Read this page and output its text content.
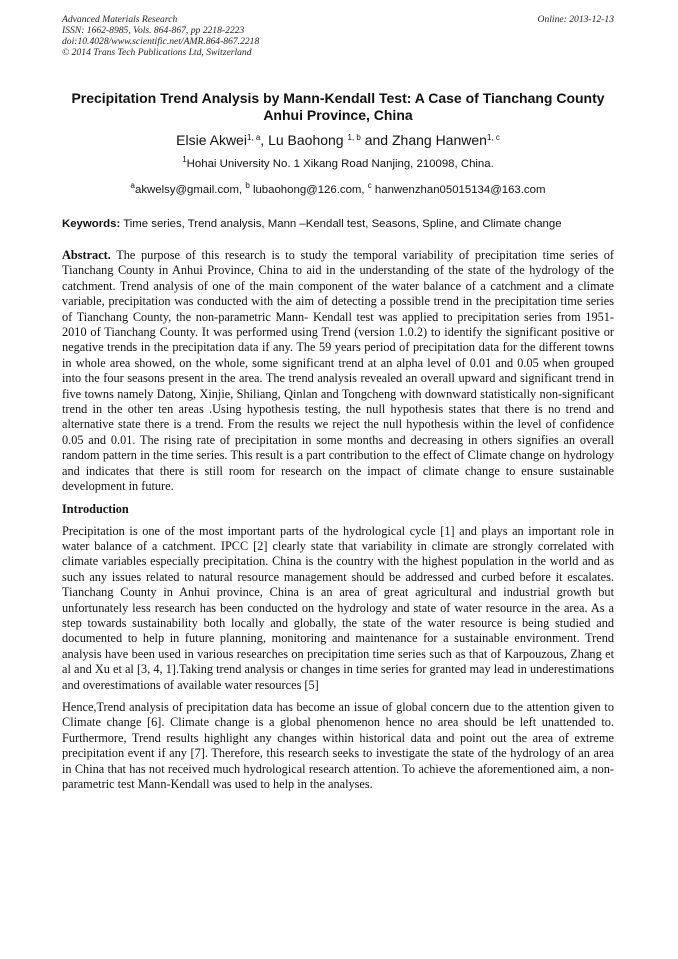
Advanced Materials Research
ISSN: 1662-8985, Vols. 864-867, pp 2218-2223
doi:10.4028/www.scientific.net/AMR.864-867.2218
© 2014 Trans Tech Publications Ltd, Switzerland
Online: 2013-12-13
Precipitation Trend Analysis by Mann-Kendall Test: A Case of Tianchang County Anhui Province, China
Elsie Akwei$^{1, a}$, Lu Baohong $^{1, b}$ and Zhang Hanwen$^{1, c}$
$^1$Hohai University No. 1 Xikang Road Nanjing, 210098, China.
$^a$akwelsy@gmail.com, $^b$ lubaohong@126.com, $^c$ hanwenzhan05015134@163.com
Keywords: Time series, Trend analysis, Mann –Kendall test, Seasons, Spline, and Climate change
Abstract. The purpose of this research is to study the temporal variability of precipitation time series of Tianchang County in Anhui Province, China to aid in the understanding of the state of the hydrology of the catchment. Trend analysis of one of the main component of the water balance of a catchment and a climate variable, precipitation was conducted with the aim of detecting a possible trend in the precipitation time series of Tianchang County, the non-parametric Mann- Kendall test was applied to precipitation series from 1951-2010 of Tianchang County. It was performed using Trend (version 1.0.2) to identify the significant positive or negative trends in the precipitation data if any. The 59 years period of precipitation data for the different towns in whole area showed, on the whole, some significant trend at an alpha level of 0.01 and 0.05 when grouped into the four seasons present in the area. The trend analysis revealed an overall upward and significant trend in five towns namely Datong, Xinjie, Shiliang, Qinlan and Tongcheng with downward statistically non-significant trend in the other ten areas .Using hypothesis testing, the null hypothesis states that there is no trend and alternative state there is a trend. From the results we reject the null hypothesis within the level of confidence 0.05 and 0.01. The rising rate of precipitation in some months and decreasing in others signifies an overall random pattern in the time series. This result is a part contribution to the effect of Climate change on hydrology and indicates that there is still room for research on the impact of climate change to ensure sustainable development in future.
Introduction
Precipitation is one of the most important parts of the hydrological cycle [1] and plays an important role in water balance of a catchment. IPCC [2] clearly state that variability in climate are strongly correlated with climate variables especially precipitation. China is the country with the highest population in the world and as such any issues related to natural resource management should be addressed and curbed before it escalates. Tianchang County in Anhui province, China is an area of great agricultural and industrial growth but unfortunately less research has been conducted on the hydrology and state of water resource in the area. As a step towards sustainability both locally and globally, the state of the water resource is being studied and documented to help in future planning, monitoring and maintenance for a sustainable environment. Trend analysis have been used in various researches on precipitation time series such as that of Karpouzous, Zhang et al and Xu et al [3, 4, 1].Taking trend analysis or changes in time series for granted may lead in underestimations and overestimations of available water resources [5]
Hence,Trend analysis of precipitation data has become an issue of global concern due to the attention given to Climate change [6]. Climate change is a global phenomenon hence no area should be left unattended to. Furthermore, Trend results highlight any changes within historical data and point out the area of extreme precipitation event if any [7]. Therefore, this research seeks to investigate the state of the hydrology of an area in China that has not received much hydrological research attention. To achieve the aforementioned aim, a non-parametric test Mann-Kendall was used to help in the analyses.
